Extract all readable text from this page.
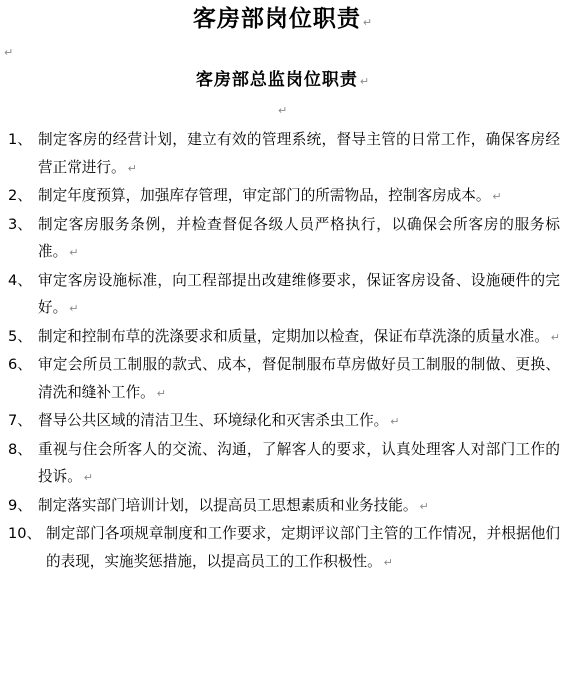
客房部岗位职责 ↵
↵
客房部总监岗位职责 ↵
↵
1、 制定客房的经营计划，建立有效的管理系统，督导主管的日常工作，确保客房经营正常进行。 ↵
2、 制定年度预算，加强库存管理，审定部门的所需物品，控制客房成本。 ↵
3、 制定客房服务条例，并检查督促各级人员严格执行，以确保会所客房的服务标准。 ↵
4、 审定客房设施标准，向工程部提出改建维修要求，保证客房设备、设施硬件的完好。 ↵
5、 制定和控制布草的洗涤要求和质量，定期加以检查，保证布草洗涤的质量水准。 ↵
6、 审定会所员工制服的款式、成本，督促制服布草房做好员工制服的制做、更换、清洗和缝补工作。 ↵
7、 督导公共区域的清洁卫生、环境绿化和灭害杀虫工作。 ↵
8、 重视与住会所客人的交流、沟通，了解客人的要求，认真处理客人对部门工作的投诉。 ↵
9、 制定落实部门培训计划，以提高员工思想素质和业务技能。 ↵
10、 制定部门各项规章制度和工作要求，定期评议部门主管的工作情况，并根据他们的表现，实施奖惩措施，以提高员工的工作积极性。 ↵
